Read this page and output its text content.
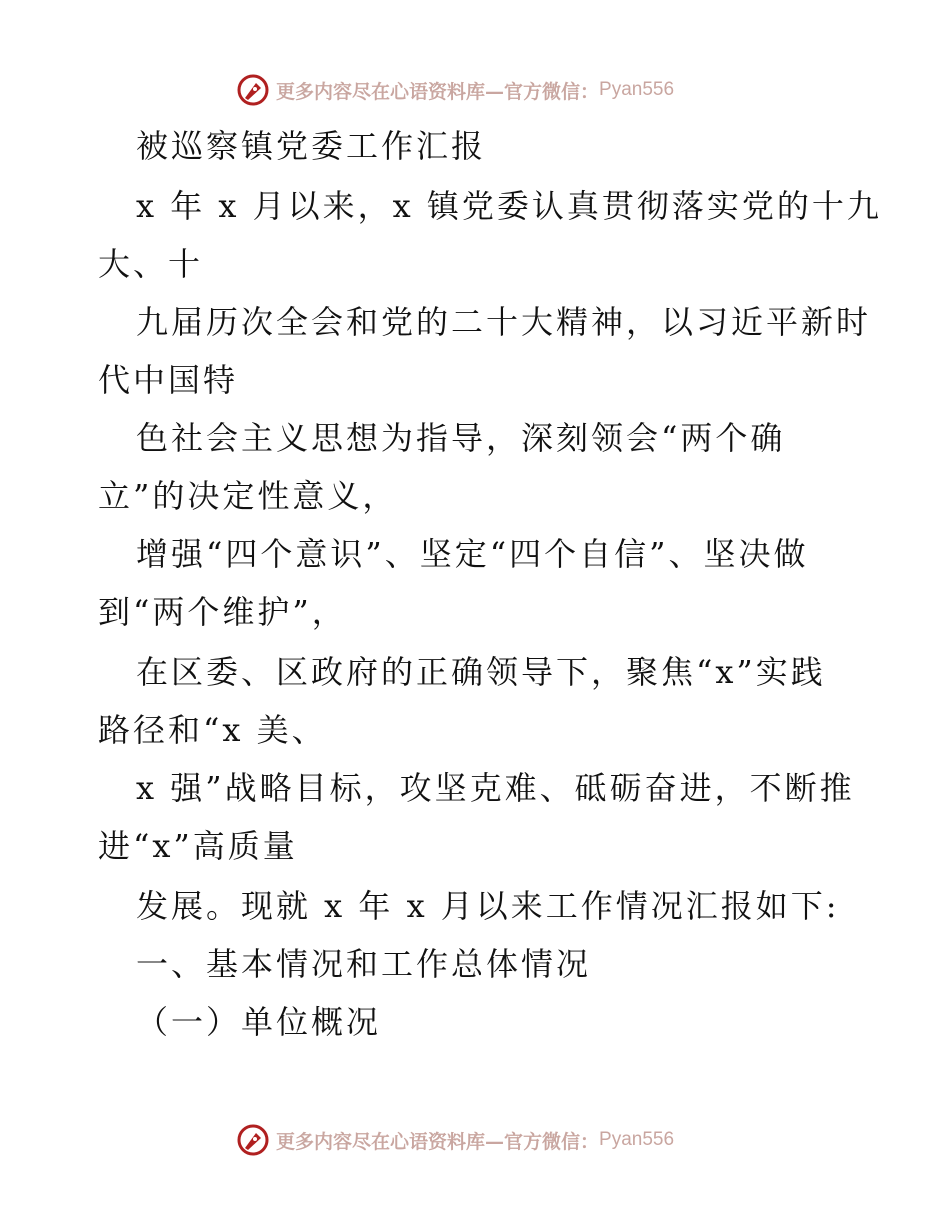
更多内容尽在心语资料库—官方微信： Pyan556
被巡察镇党委工作汇报
x 年 x 月以来，x 镇党委认真贯彻落实党的十九
大、十
九届历次全会和党的二十大精神，以习近平新时
代中国特
色社会主义思想为指导，深刻领会“两个确
立”的决定性意义，
增强“四个意识”、坚定“四个自信”、坚决做
到“两个维护”，
在区委、区政府的正确领导下，聚焦“x”实践
路径和“x 美、
x 强”战略目标，攻坚克难、砥砺奋进，不断推
进“x”高质量
发展。现就 x 年 x 月以来工作情况汇报如下:
一、基本情况和工作总体情况
（一）单位概况
更多内容尽在心语资料库—官方微信： Pyan556
